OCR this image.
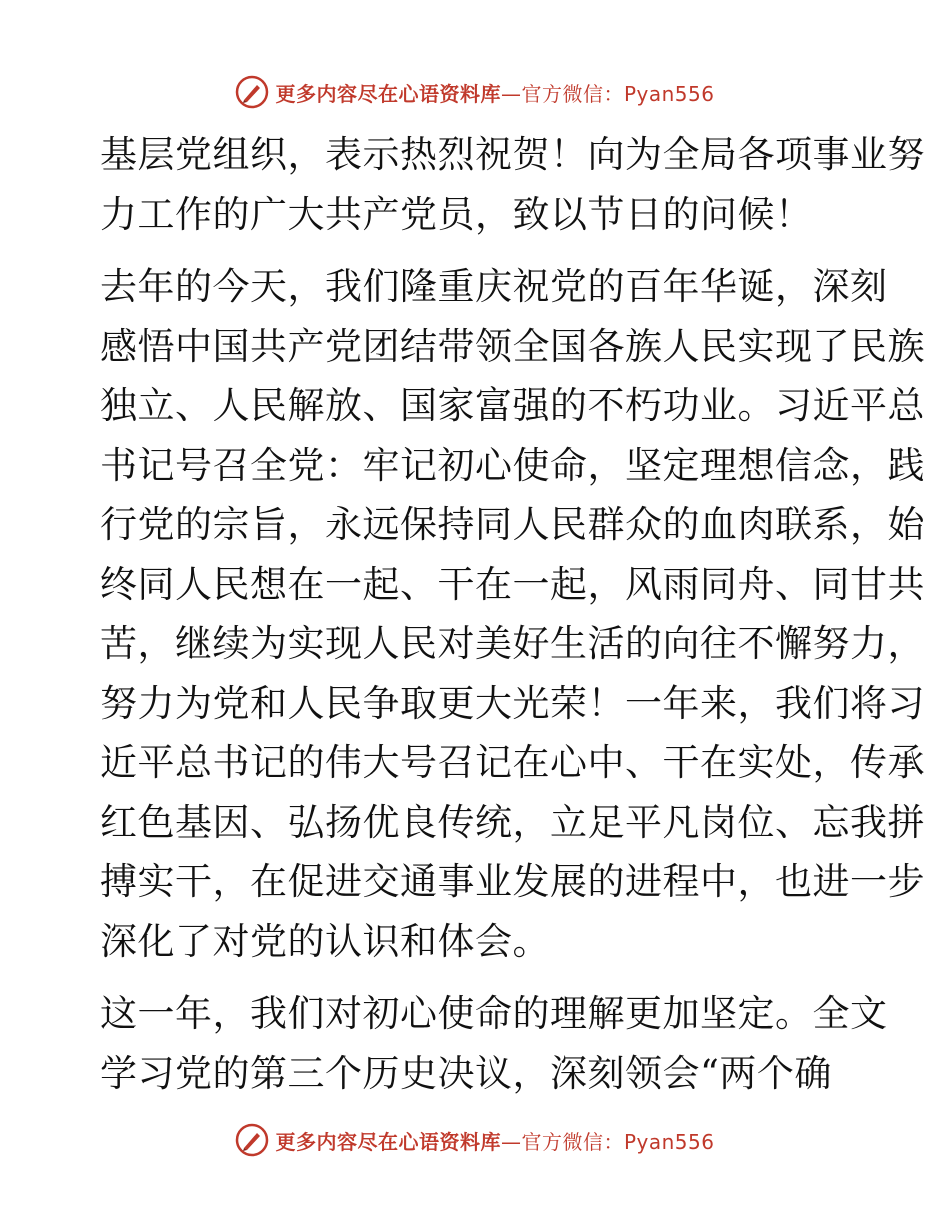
更多内容尽在心语资料库—官方微信：Pyan556

基层党组织，表示热烈祝贺！向为全局各项事业努
力工作的广大共产党员，致以节日的问候！

去年的今天，我们隆重庆祝党的百年华诞，深刻
感悟中国共产党团结带领全国各族人民实现了民族
独立、人民解放、国家富强的不朽功业。习近平总
书记号召全党：牢记初心使命，坚定理想信念，践
行党的宗旨，永远保持同人民群众的血肉联系，始
终同人民想在一起、干在一起，风雨同舟、同甘共
苦，继续为实现人民对美好生活的向往不懈努力，
努力为党和人民争取更大光荣！一年来，我们将习
近平总书记的伟大号召记在心中、干在实处，传承
红色基因、弘扬优良传统，立足平凡岗位、忘我拼
搏实干，在促进交通事业发展的进程中，也进一步
深化了对党的认识和体会。

这一年，我们对初心使命的理解更加坚定。全文
学习党的第三个历史决议，深刻领会“两个确

更多内容尽在心语资料库—官方微信：Pyan556
